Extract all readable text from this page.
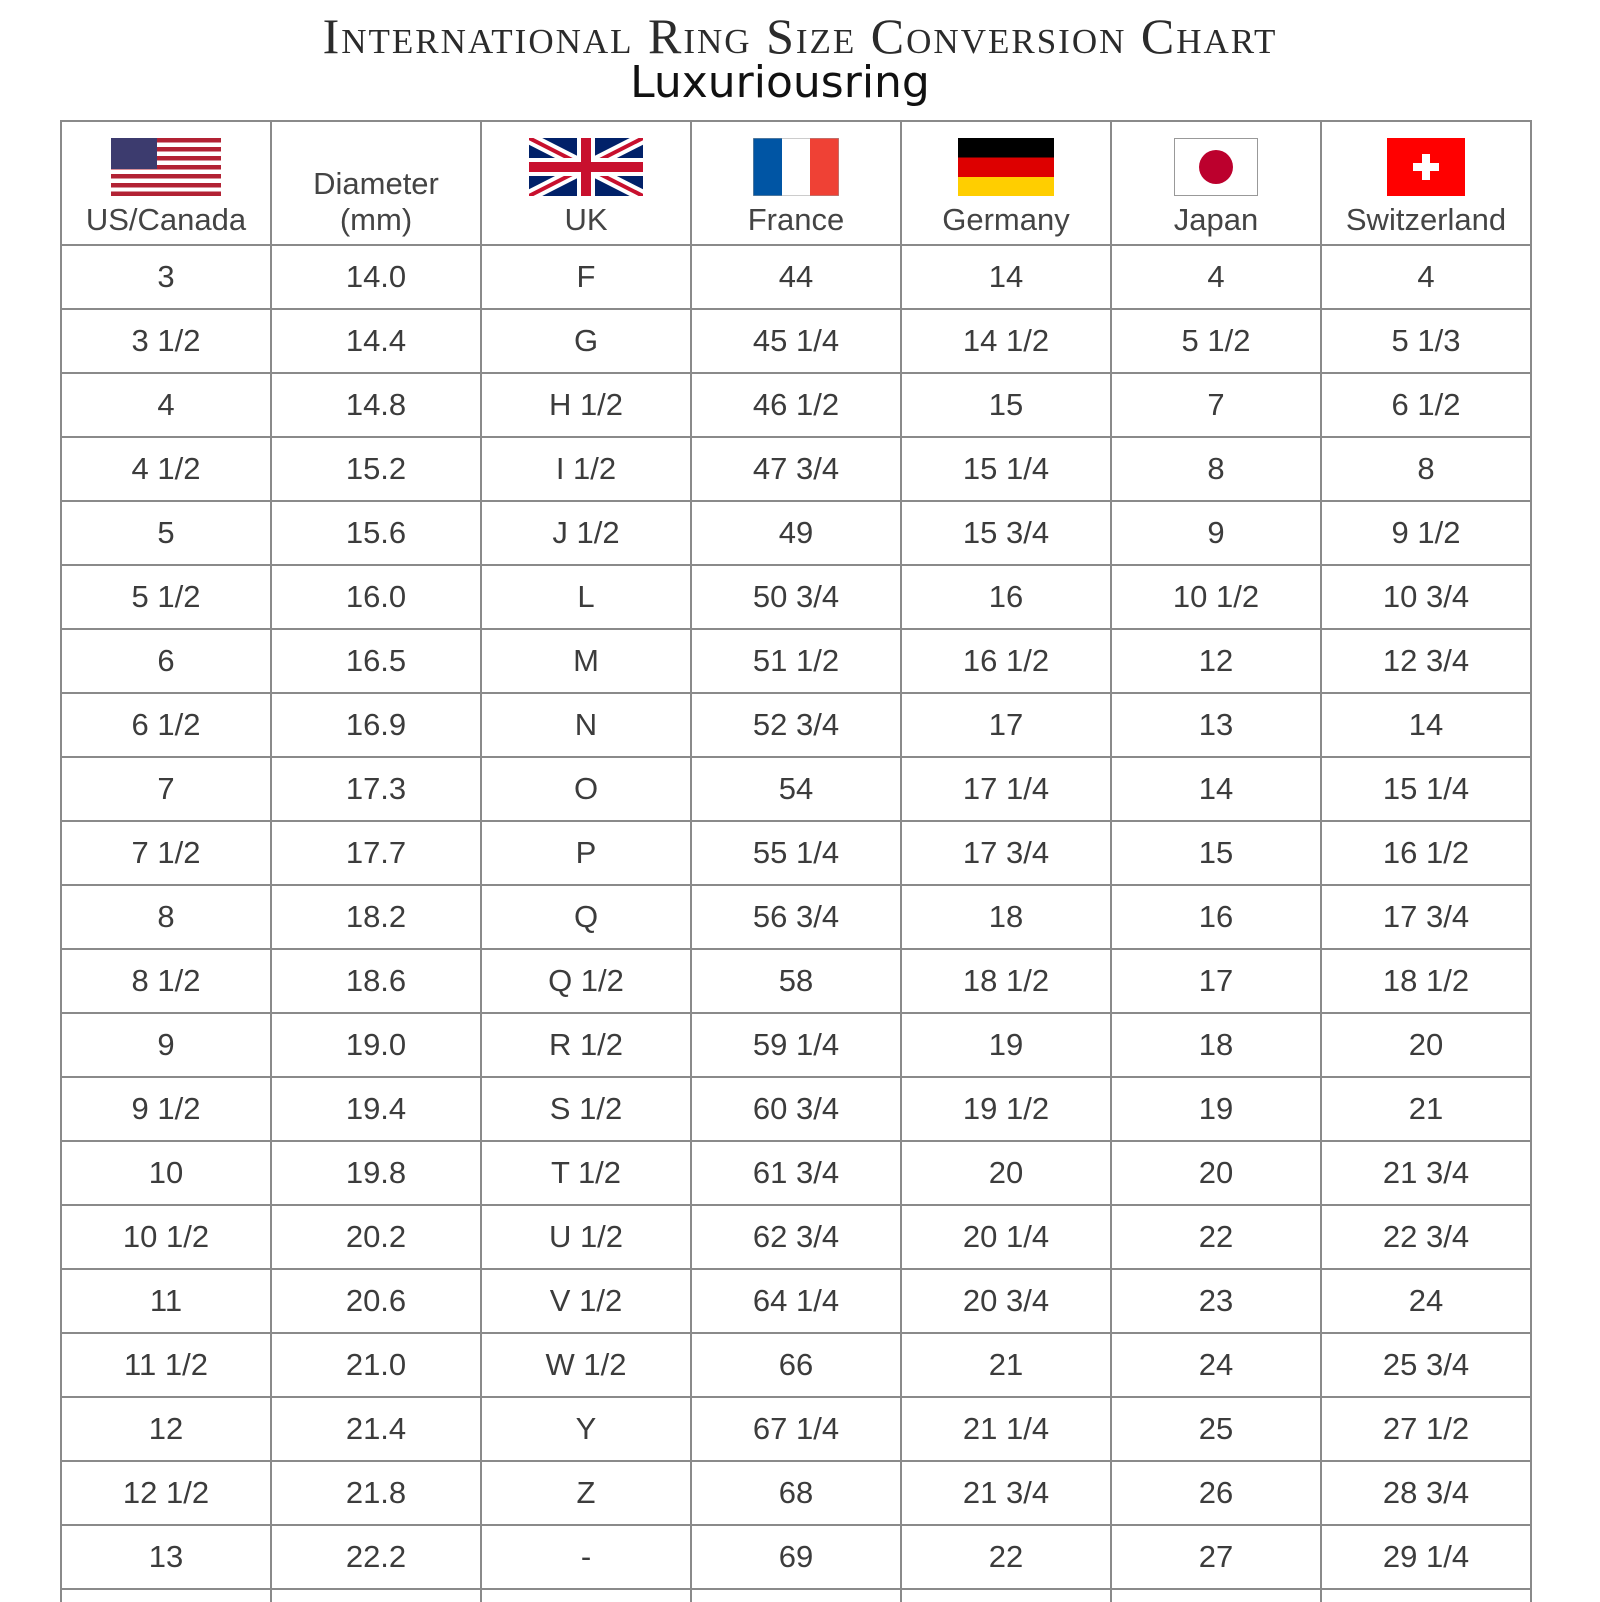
International Ring Size Conversion Chart
Luxuriousring
US/Canada	Diameter (mm)	UK	France	Germany	Japan	Switzerland

3	14.0	F	44	14	4	4
3 1/2	14.4	G	45 1/4	14 1/2	5 1/2	5 1/3
4	14.8	H 1/2	46 1/2	15	7	6 1/2
4 1/2	15.2	I 1/2	47 3/4	15 1/4	8	8
5	15.6	J 1/2	49	15 3/4	9	9 1/2
5 1/2	16.0	L	50 3/4	16	10 1/2	10 3/4
6	16.5	M	51 1/2	16 1/2	12	12 3/4
6 1/2	16.9	N	52 3/4	17	13	14
7	17.3	O	54	17 1/4	14	15 1/4
7 1/2	17.7	P	55 1/4	17 3/4	15	16 1/2
8	18.2	Q	56 3/4	18	16	17 3/4
8 1/2	18.6	Q 1/2	58	18 1/2	17	18 1/2
9	19.0	R 1/2	59 1/4	19	18	20
9 1/2	19.4	S 1/2	60 3/4	19 1/2	19	21
10	19.8	T 1/2	61 3/4	20	20	21 3/4
10 1/2	20.2	U 1/2	62 3/4	20 1/4	22	22 3/4
11	20.6	V 1/2	64 1/4	20 3/4	23	24
11 1/2	21.0	W 1/2	66	21	24	25 3/4
12	21.4	Y	67 1/4	21 1/4	25	27 1/2
12 1/2	21.8	Z	68	21 3/4	26	28 3/4
13	22.2	-	69	22	27	29 1/4
